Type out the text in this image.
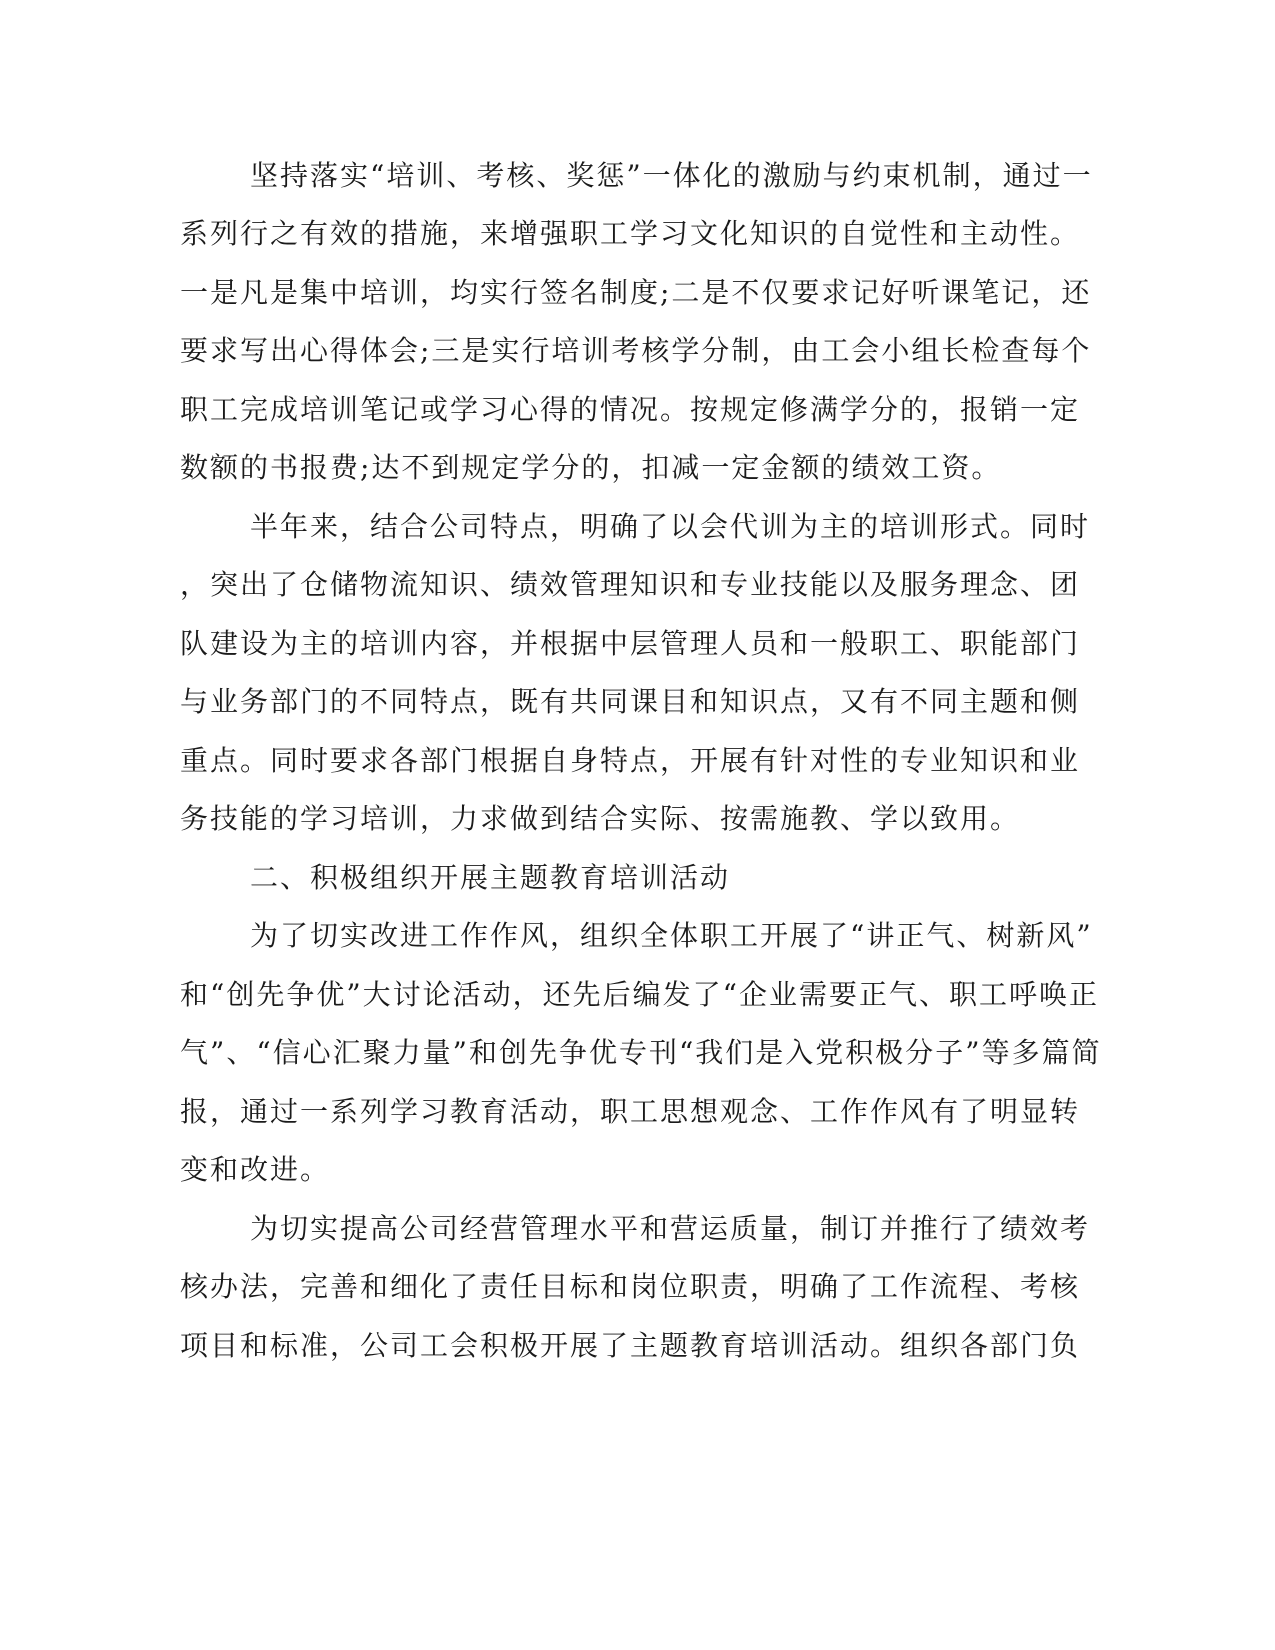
坚持落实“培训、考核、奖惩”一体化的激励与约束机制，通过一
系列行之有效的措施，来增强职工学习文化知识的自觉性和主动性。
一是凡是集中培训，均实行签名制度;二是不仅要求记好听课笔记，还
要求写出心得体会;三是实行培训考核学分制，由工会小组长检查每个
职工完成培训笔记或学习心得的情况。按规定修满学分的，报销一定
数额的书报费;达不到规定学分的，扣减一定金额的绩效工资。
半年来，结合公司特点，明确了以会代训为主的培训形式。同时
，突出了仓储物流知识、绩效管理知识和专业技能以及服务理念、团
队建设为主的培训内容，并根据中层管理人员和一般职工、职能部门
与业务部门的不同特点，既有共同课目和知识点，又有不同主题和侧
重点。同时要求各部门根据自身特点，开展有针对性的专业知识和业
务技能的学习培训，力求做到结合实际、按需施教、学以致用。
二、积极组织开展主题教育培训活动
为了切实改进工作作风，组织全体职工开展了“讲正气、树新风”
和“创先争优”大讨论活动，还先后编发了“企业需要正气、职工呼唤正
气”、“信心汇聚力量”和创先争优专刊“我们是入党积极分子”等多篇简
报，通过一系列学习教育活动，职工思想观念、工作作风有了明显转
变和改进。
为切实提高公司经营管理水平和营运质量，制订并推行了绩效考
核办法，完善和细化了责任目标和岗位职责，明确了工作流程、考核
项目和标准，公司工会积极开展了主题教育培训活动。组织各部门负
